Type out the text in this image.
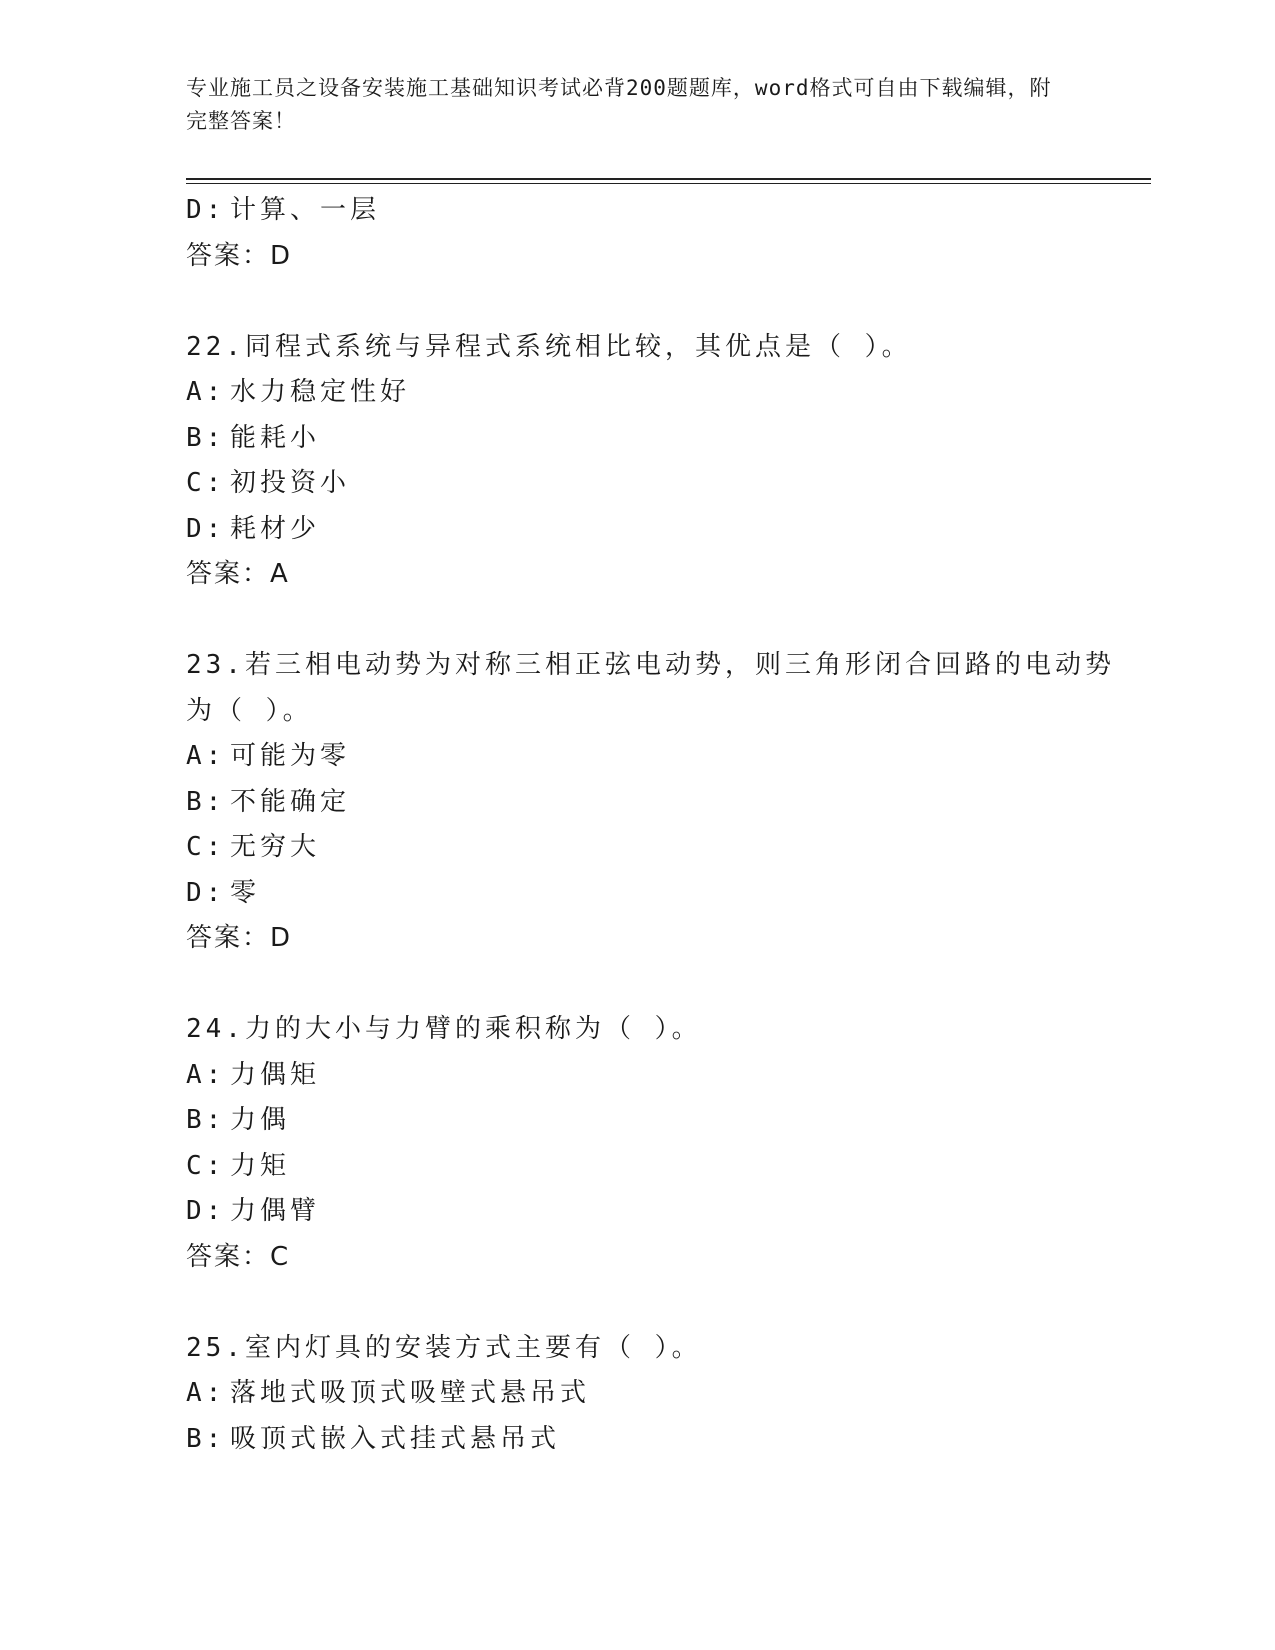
专业施工员之设备安装施工基础知识考试必背200题题库，word格式可自由下载编辑，附完整答案！
D: 计算、一层
答案：D
22.同程式系统与异程式系统相比较，其优点是（ ）。
A: 水力稳定性好
B: 能耗小
C: 初投资小
D: 耗材少
答案：A
23.若三相电动势为对称三相正弦电动势，则三角形闭合回路的电动势
为（ ）。
A: 可能为零
B: 不能确定
C: 无穷大
D: 零
答案：D
24.力的大小与力臂的乘积称为（ ）。
A: 力偶矩
B: 力偶
C: 力矩
D: 力偶臂
答案：C
25.室内灯具的安装方式主要有（ ）。
A: 落地式吸顶式吸壁式悬吊式
B: 吸顶式嵌入式挂式悬吊式
